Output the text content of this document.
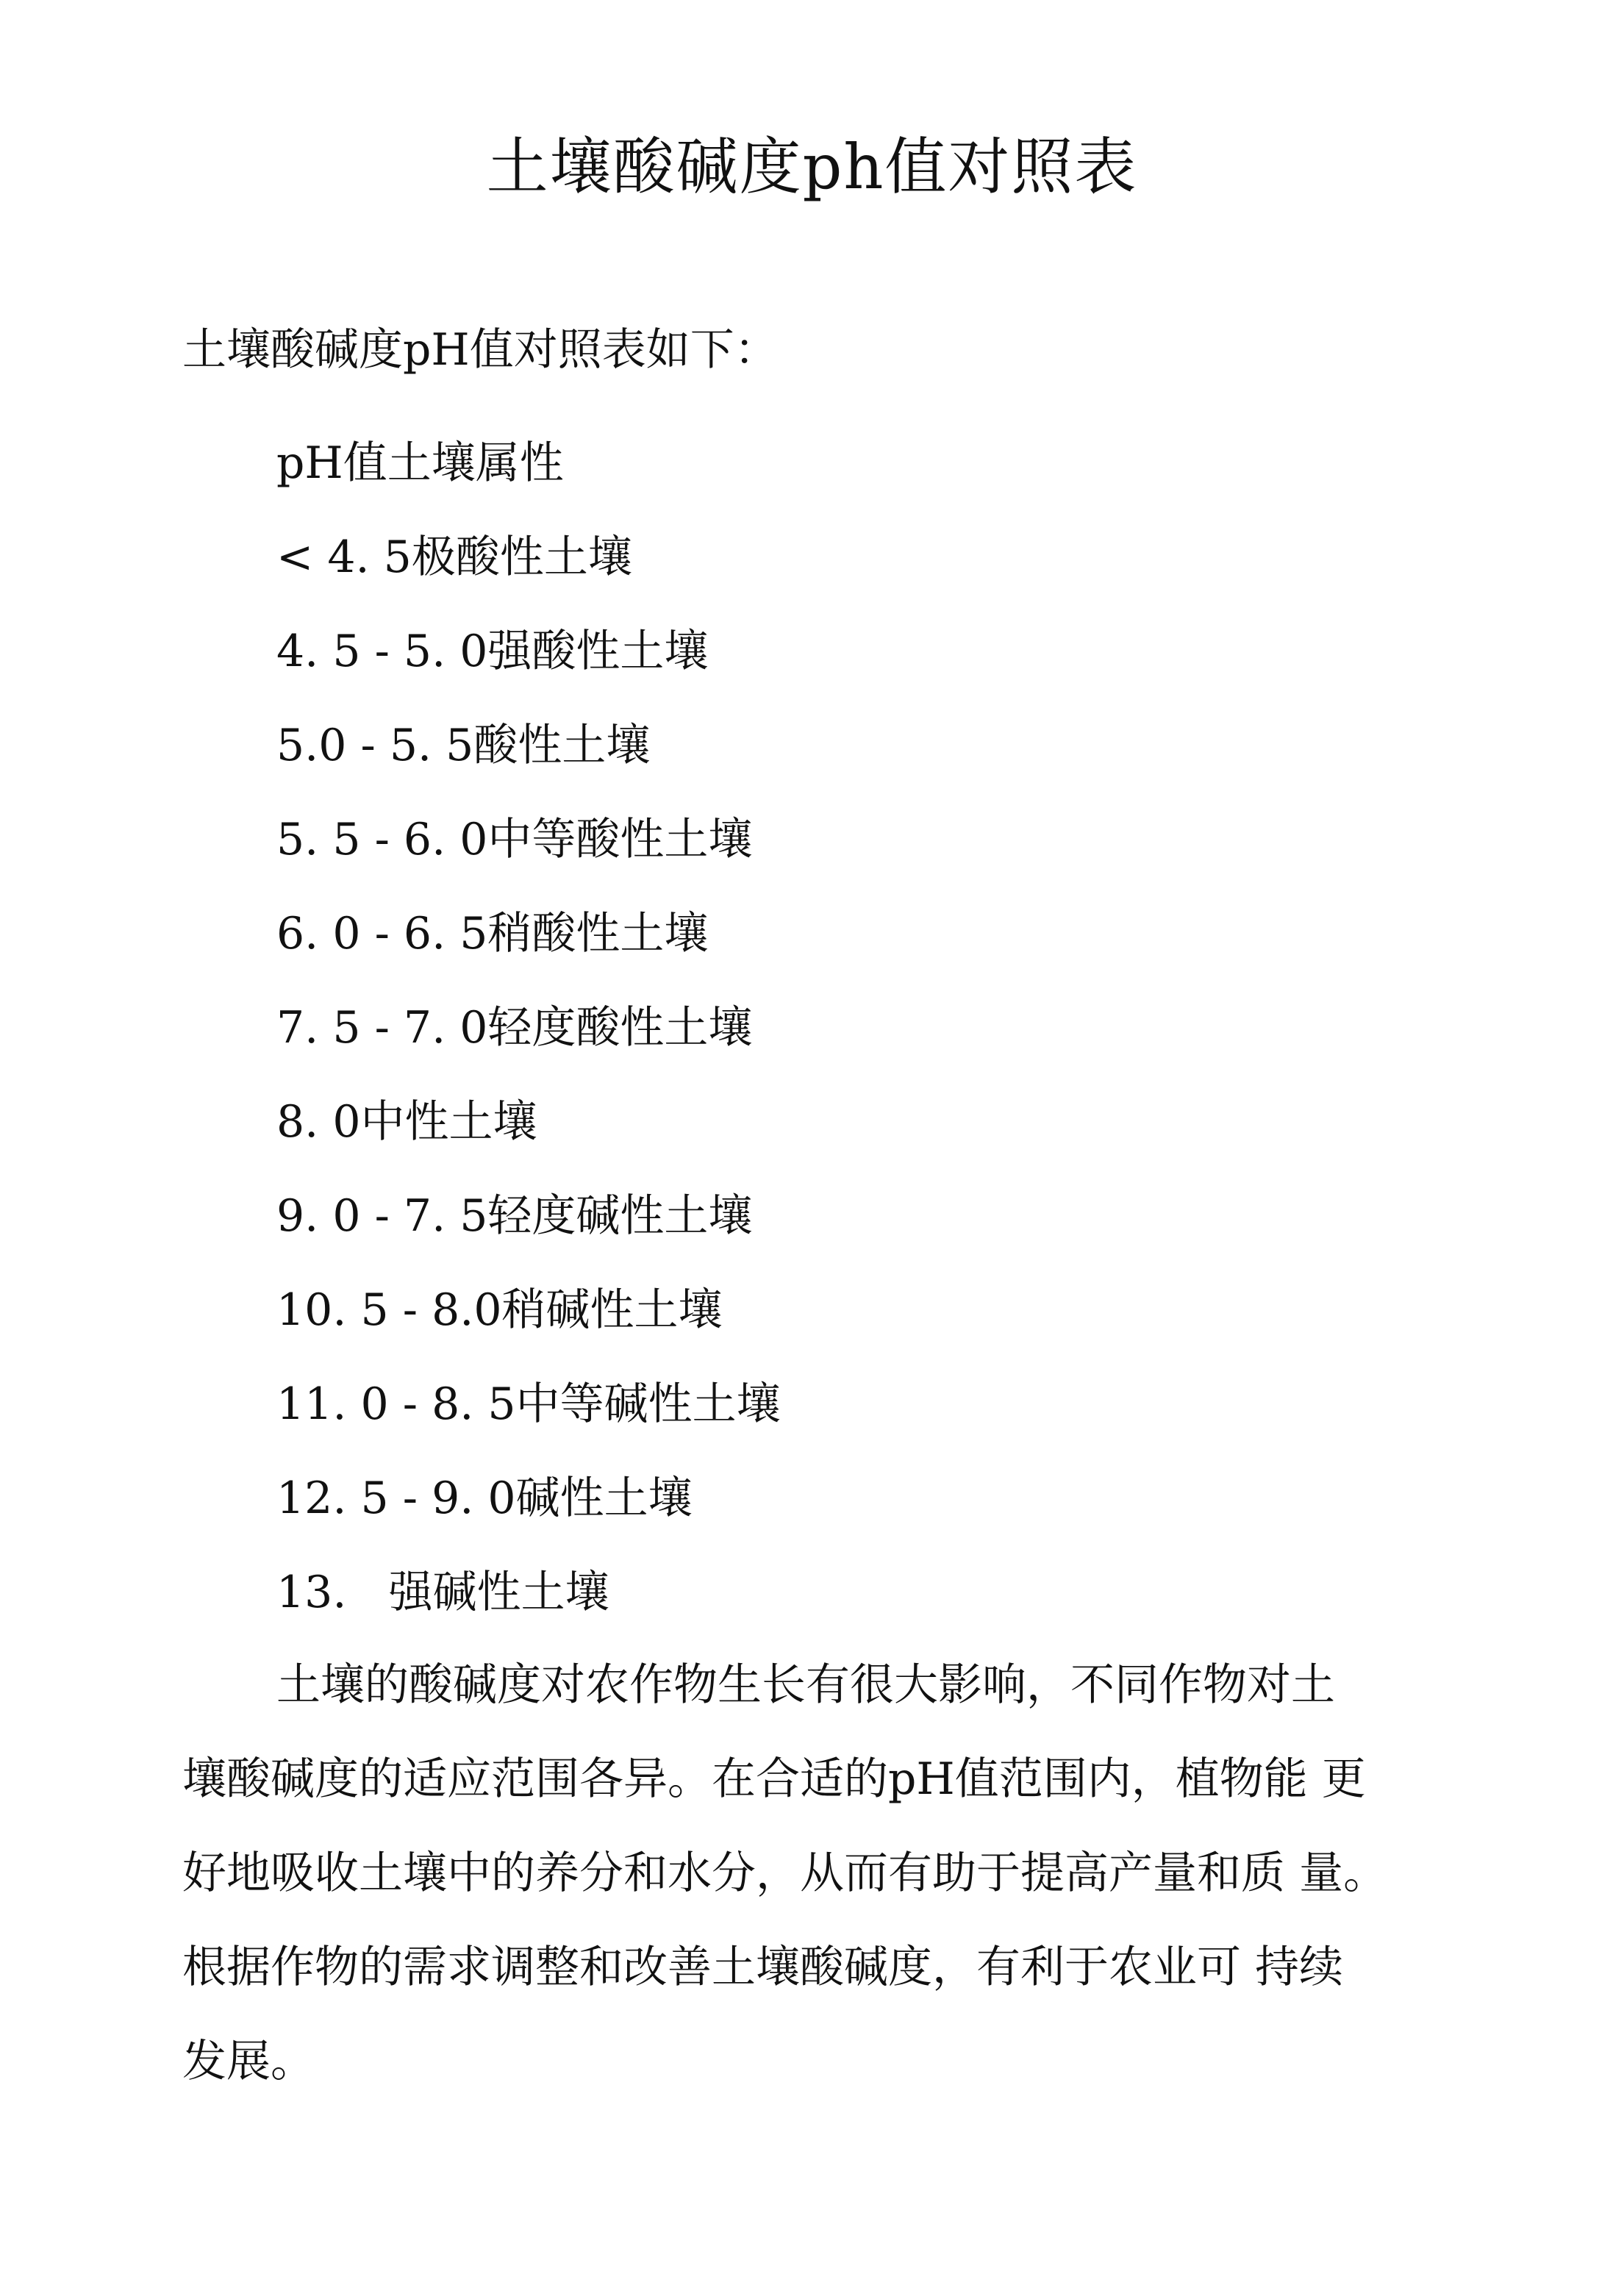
土壤酸碱度ph值对照表
土壤酸碱度pH值对照表如下：
pH值土壤属性
< 4. 5极酸性土壤
4. 5 - 5. 0强酸性土壤
5.0 - 5. 5酸性土壤
5. 5 - 6. 0中等酸性土壤
6. 0 - 6. 5稍酸性土壤
7. 5 - 7. 0轻度酸性土壤
8. 0中性土壤
9. 0 - 7. 5轻度碱性土壤
10. 5 - 8.0稍碱性土壤
11. 0 - 8. 5中等碱性土壤
12. 5 - 9. 0碱性土壤
13.   强碱性土壤

土壤的酸碱度对农作物生长有很大影响，不同作物对土
壤酸碱度的适应范围各异。在合适的pH值范围内，植物能 更
好地吸收土壤中的养分和水分，从而有助于提高产量和质 量。
根据作物的需求调整和改善土壤酸碱度，有利于农业可 持续
发展。
